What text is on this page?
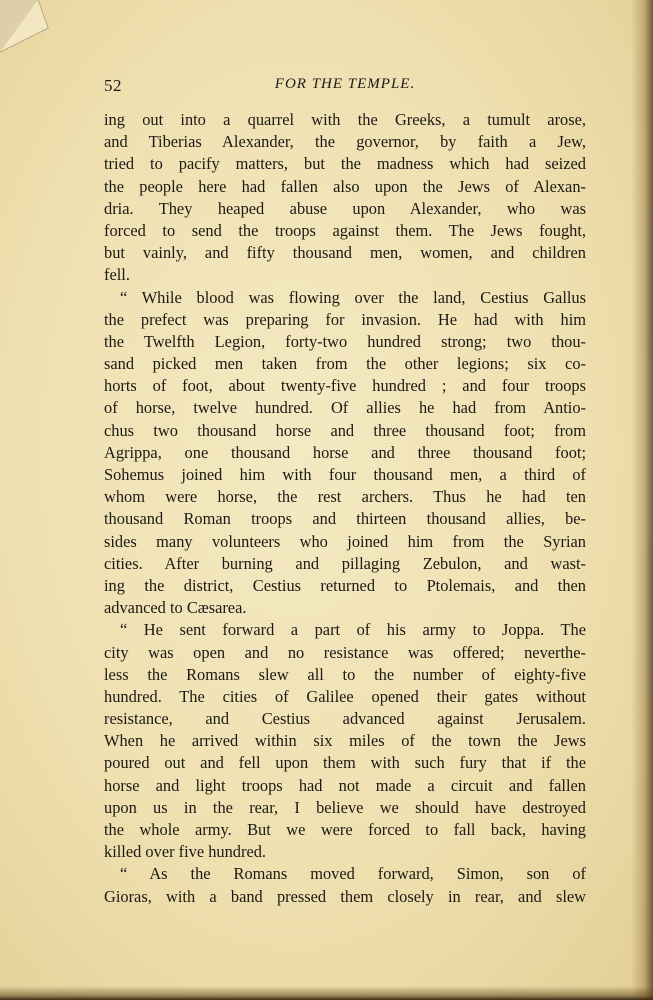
52	FOR THE TEMPLE.
ing out into a quarrel with the Greeks, a tumult arose,
and Tiberias Alexander, the governor, by faith a Jew,
tried to pacify matters, but the madness which had seized
the people here had fallen also upon the Jews of Alexan-
dria. They heaped abuse upon Alexander, who was
forced to send the troops against them. The Jews fought,
but vainly, and fifty thousand men, women, and children
fell.
“ While blood was flowing over the land, Cestius Gallus
the prefect was preparing for invasion. He had with him
the Twelfth Legion, forty-two hundred strong; two thou-
sand picked men taken from the other legions; six co-
horts of foot, about twenty-five hundred ; and four troops
of horse, twelve hundred. Of allies he had from Antio-
chus two thousand horse and three thousand foot; from
Agrippa, one thousand horse and three thousand foot;
Sohemus joined him with four thousand men, a third of
whom were horse, the rest archers. Thus he had ten
thousand Roman troops and thirteen thousand allies, be-
sides many volunteers who joined him from the Syrian
cities. After burning and pillaging Zebulon, and wast-
ing the district, Cestius returned to Ptolemais, and then
advanced to Cæsarea.
“ He sent forward a part of his army to Joppa. The
city was open and no resistance was offered; neverthe-
less the Romans slew all to the number of eighty-five
hundred. The cities of Galilee opened their gates without
resistance, and Cestius advanced against Jerusalem.
When he arrived within six miles of the town the Jews
poured out and fell upon them with such fury that if the
horse and light troops had not made a circuit and fallen
upon us in the rear, I believe we should have destroyed
the whole army. But we were forced to fall back, having
killed over five hundred.
“ As the Romans moved forward, Simon, son of
Gioras, with a band pressed them closely in rear, and slew
